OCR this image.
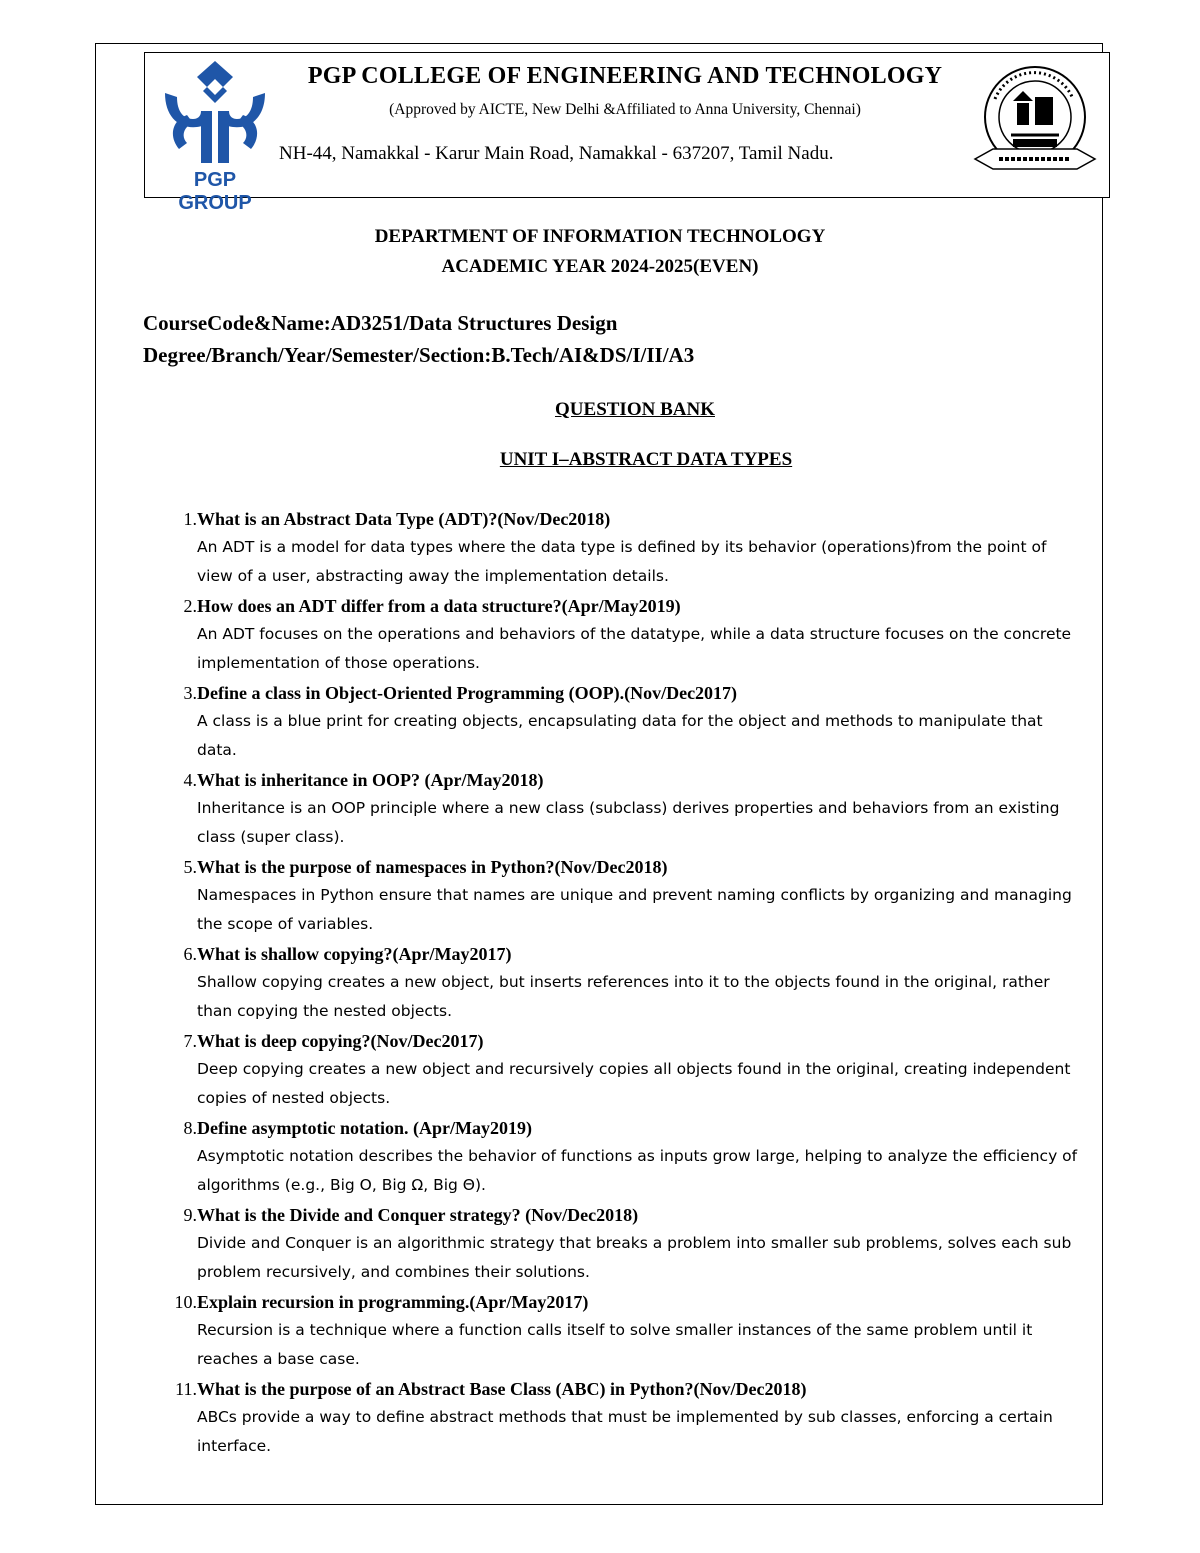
PGP GROUP
PGP COLLEGE OF ENGINEERING AND TECHNOLOGY
(Approved by AICTE, New Delhi &Affiliated to Anna University, Chennai)
NH-44, Namakkal - Karur Main Road, Namakkal - 637207, Tamil Nadu.
DEPARTMENT OF INFORMATION TECHNOLOGY
ACADEMIC YEAR 2024-2025(EVEN)
CourseCode&Name:AD3251/Data Structures Design
Degree/Branch/Year/Semester/Section:B.Tech/AI&DS/I/II/A3
QUESTION BANK
UNIT I–ABSTRACT DATA TYPES
1. What is an Abstract Data Type (ADT)?(Nov/Dec2018)
An ADT is a model for data types where the data type is defined by its behavior (operations)from the point of view of a user, abstracting away the implementation details.
2. How does an ADT differ from a data structure?(Apr/May2019)
An ADT focuses on the operations and behaviors of the datatype, while a data structure focuses on the concrete implementation of those operations.
3. Define a class in Object-Oriented Programming (OOP).(Nov/Dec2017)
A class is a blue print for creating objects, encapsulating data for the object and methods to manipulate that data.
4. What is inheritance in OOP? (Apr/May2018)
Inheritance is an OOP principle where a new class (subclass) derives properties and behaviors from an existing class (super class).
5. What is the purpose of namespaces in Python?(Nov/Dec2018)
Namespaces in Python ensure that names are unique and prevent naming conflicts by organizing and managing the scope of variables.
6. What is shallow copying?(Apr/May2017)
Shallow copying creates a new object, but inserts references into it to the objects found in the original, rather than copying the nested objects.
7. What is deep copying?(Nov/Dec2017)
Deep copying creates a new object and recursively copies all objects found in the original, creating independent copies of nested objects.
8. Define asymptotic notation. (Apr/May2019)
Asymptotic notation describes the behavior of functions as inputs grow large, helping to analyze the efficiency of algorithms (e.g., Big O, Big Ω, Big Θ).
9. What is the Divide and Conquer strategy? (Nov/Dec2018)
Divide and Conquer is an algorithmic strategy that breaks a problem into smaller sub problems, solves each sub problem recursively, and combines their solutions.
10. Explain recursion in programming.(Apr/May2017)
Recursion is a technique where a function calls itself to solve smaller instances of the same problem until it reaches a base case.
11. What is the purpose of an Abstract Base Class (ABC) in Python?(Nov/Dec2018)
ABCs provide a way to define abstract methods that must be implemented by sub classes, enforcing a certain interface.
